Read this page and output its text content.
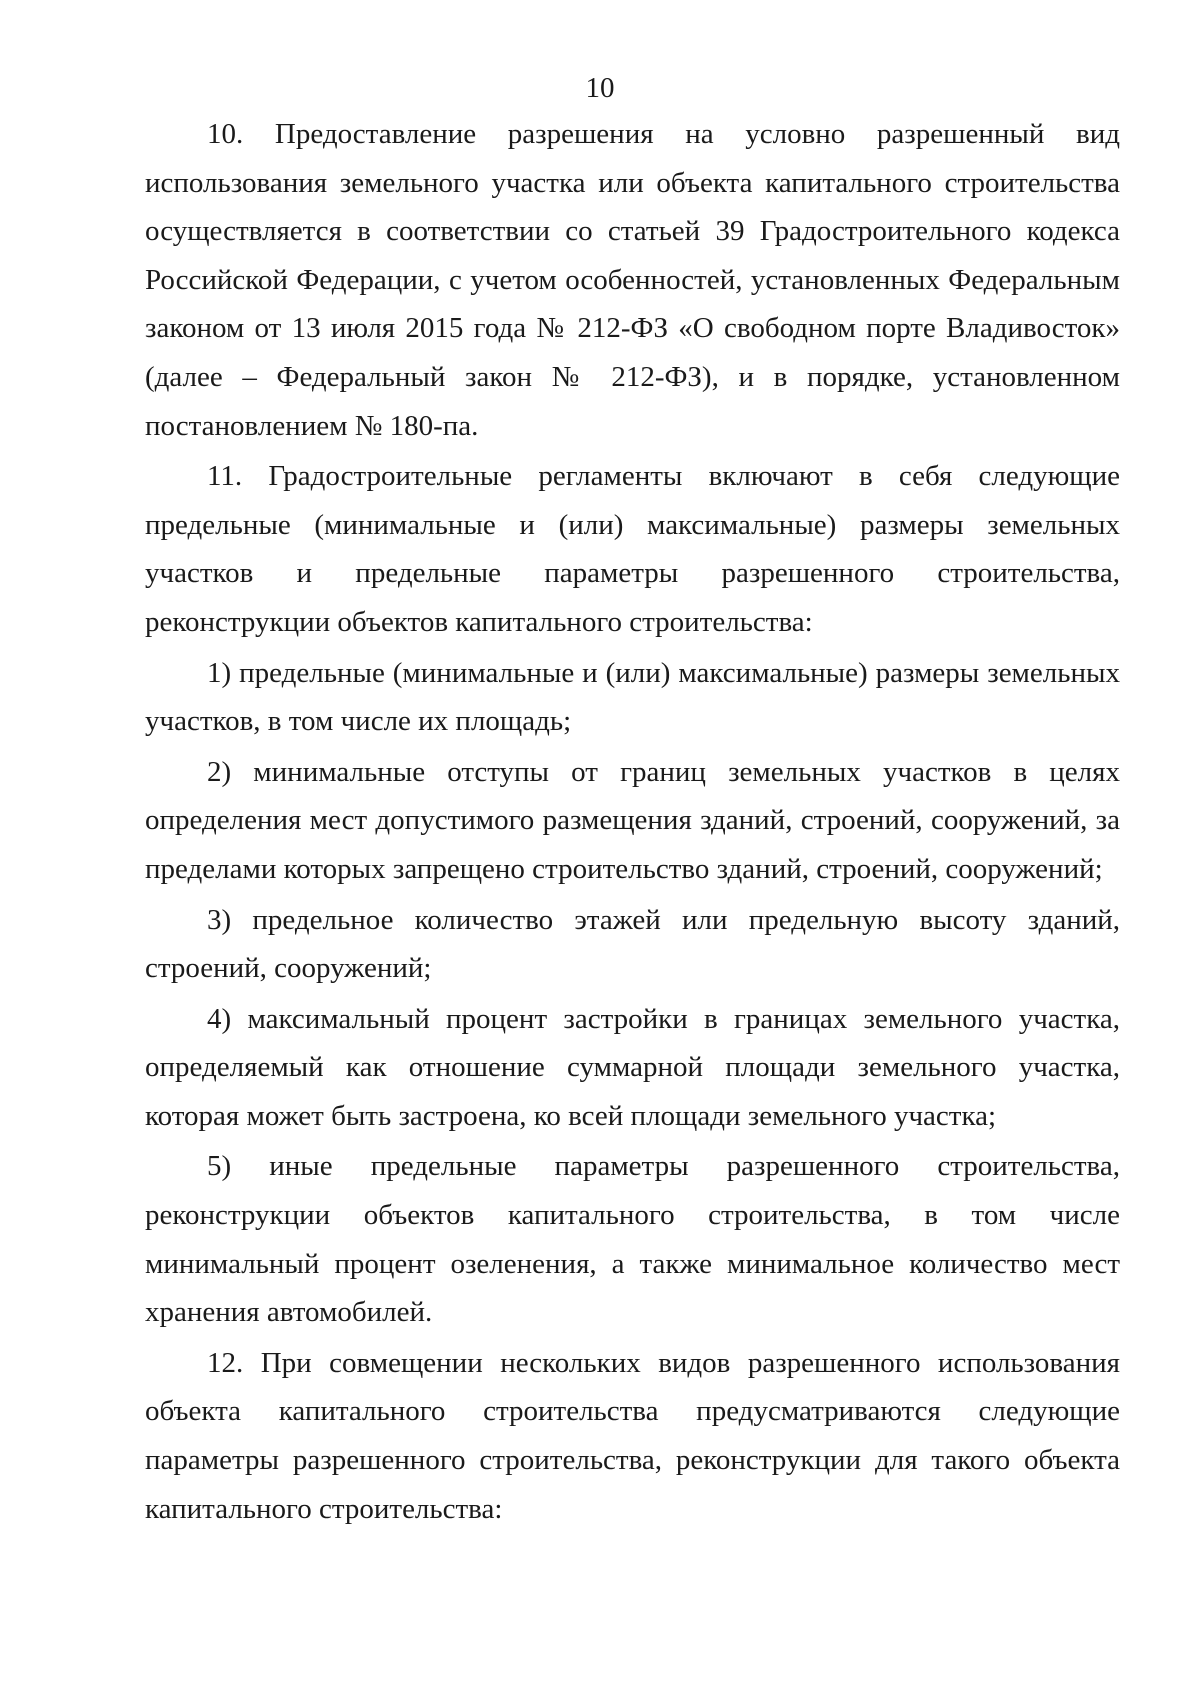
10

10. Предоставление разрешения на условно разрешенный вид использования земельного участка или объекта капитального строительства осуществляется в соответствии со статьей 39 Градостроительного кодекса Российской Федерации, с учетом особенностей, установленных Федеральным законом от 13 июля 2015 года № 212-ФЗ «О свободном порте Владивосток» (далее – Федеральный закон № 212-ФЗ), и в порядке, установленном постановлением № 180-па.

11. Градостроительные регламенты включают в себя следующие предельные (минимальные и (или) максимальные) размеры земельных участков и предельные параметры разрешенного строительства, реконструкции объектов капитального строительства:

1) предельные (минимальные и (или) максимальные) размеры земельных участков, в том числе их площадь;

2) минимальные отступы от границ земельных участков в целях определения мест допустимого размещения зданий, строений, сооружений, за пределами которых запрещено строительство зданий, строений, сооружений;

3) предельное количество этажей или предельную высоту зданий, строений, сооружений;

4) максимальный процент застройки в границах земельного участка, определяемый как отношение суммарной площади земельного участка, которая может быть застроена, ко всей площади земельного участка;

5) иные предельные параметры разрешенного строительства, реконструкции объектов капитального строительства, в том числе минимальный процент озеленения, а также минимальное количество мест хранения автомобилей.

12. При совмещении нескольких видов разрешенного использования объекта капитального строительства предусматриваются следующие параметры разрешенного строительства, реконструкции для такого объекта капитального строительства:
